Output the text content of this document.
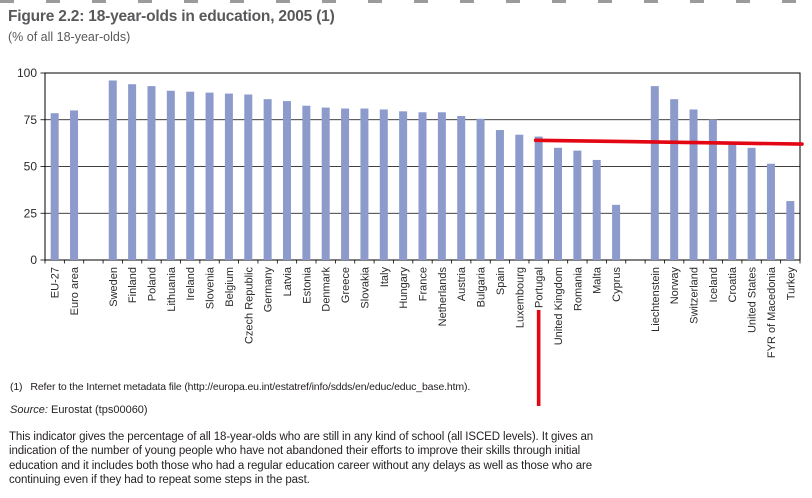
Figure 2.2: 18-year-olds in education, 2005 (1)
(% of all 18-year-olds)
0
25
50
75
100
EU-27 Euro area Sweden Finland Poland Lithuania Ireland Slovenia Belgium Czech Republic Germany Latvia Estonia Denmark Greece Slovakia Italy Hungary France Netherlands Austria Bulgaria Spain Luxembourg Portugal United Kingdom Romania Malta Cyprus Liechtenstein Norway Switzerland Iceland Croatia United States FYR of Macedonia Turkey
(1) Refer to the Internet metadata file (http://europa.eu.int/estatref/info/sdds/en/educ/educ_base.htm).
Source: Eurostat (tps00060)
This indicator gives the percentage of all 18-year-olds who are still in any kind of school (all ISCED levels). It gives an
indication of the number of young people who have not abandoned their efforts to improve their skills through initial
education and it includes both those who had a regular education career without any delays as well as those who are
continuing even if they had to repeat some steps in the past.
